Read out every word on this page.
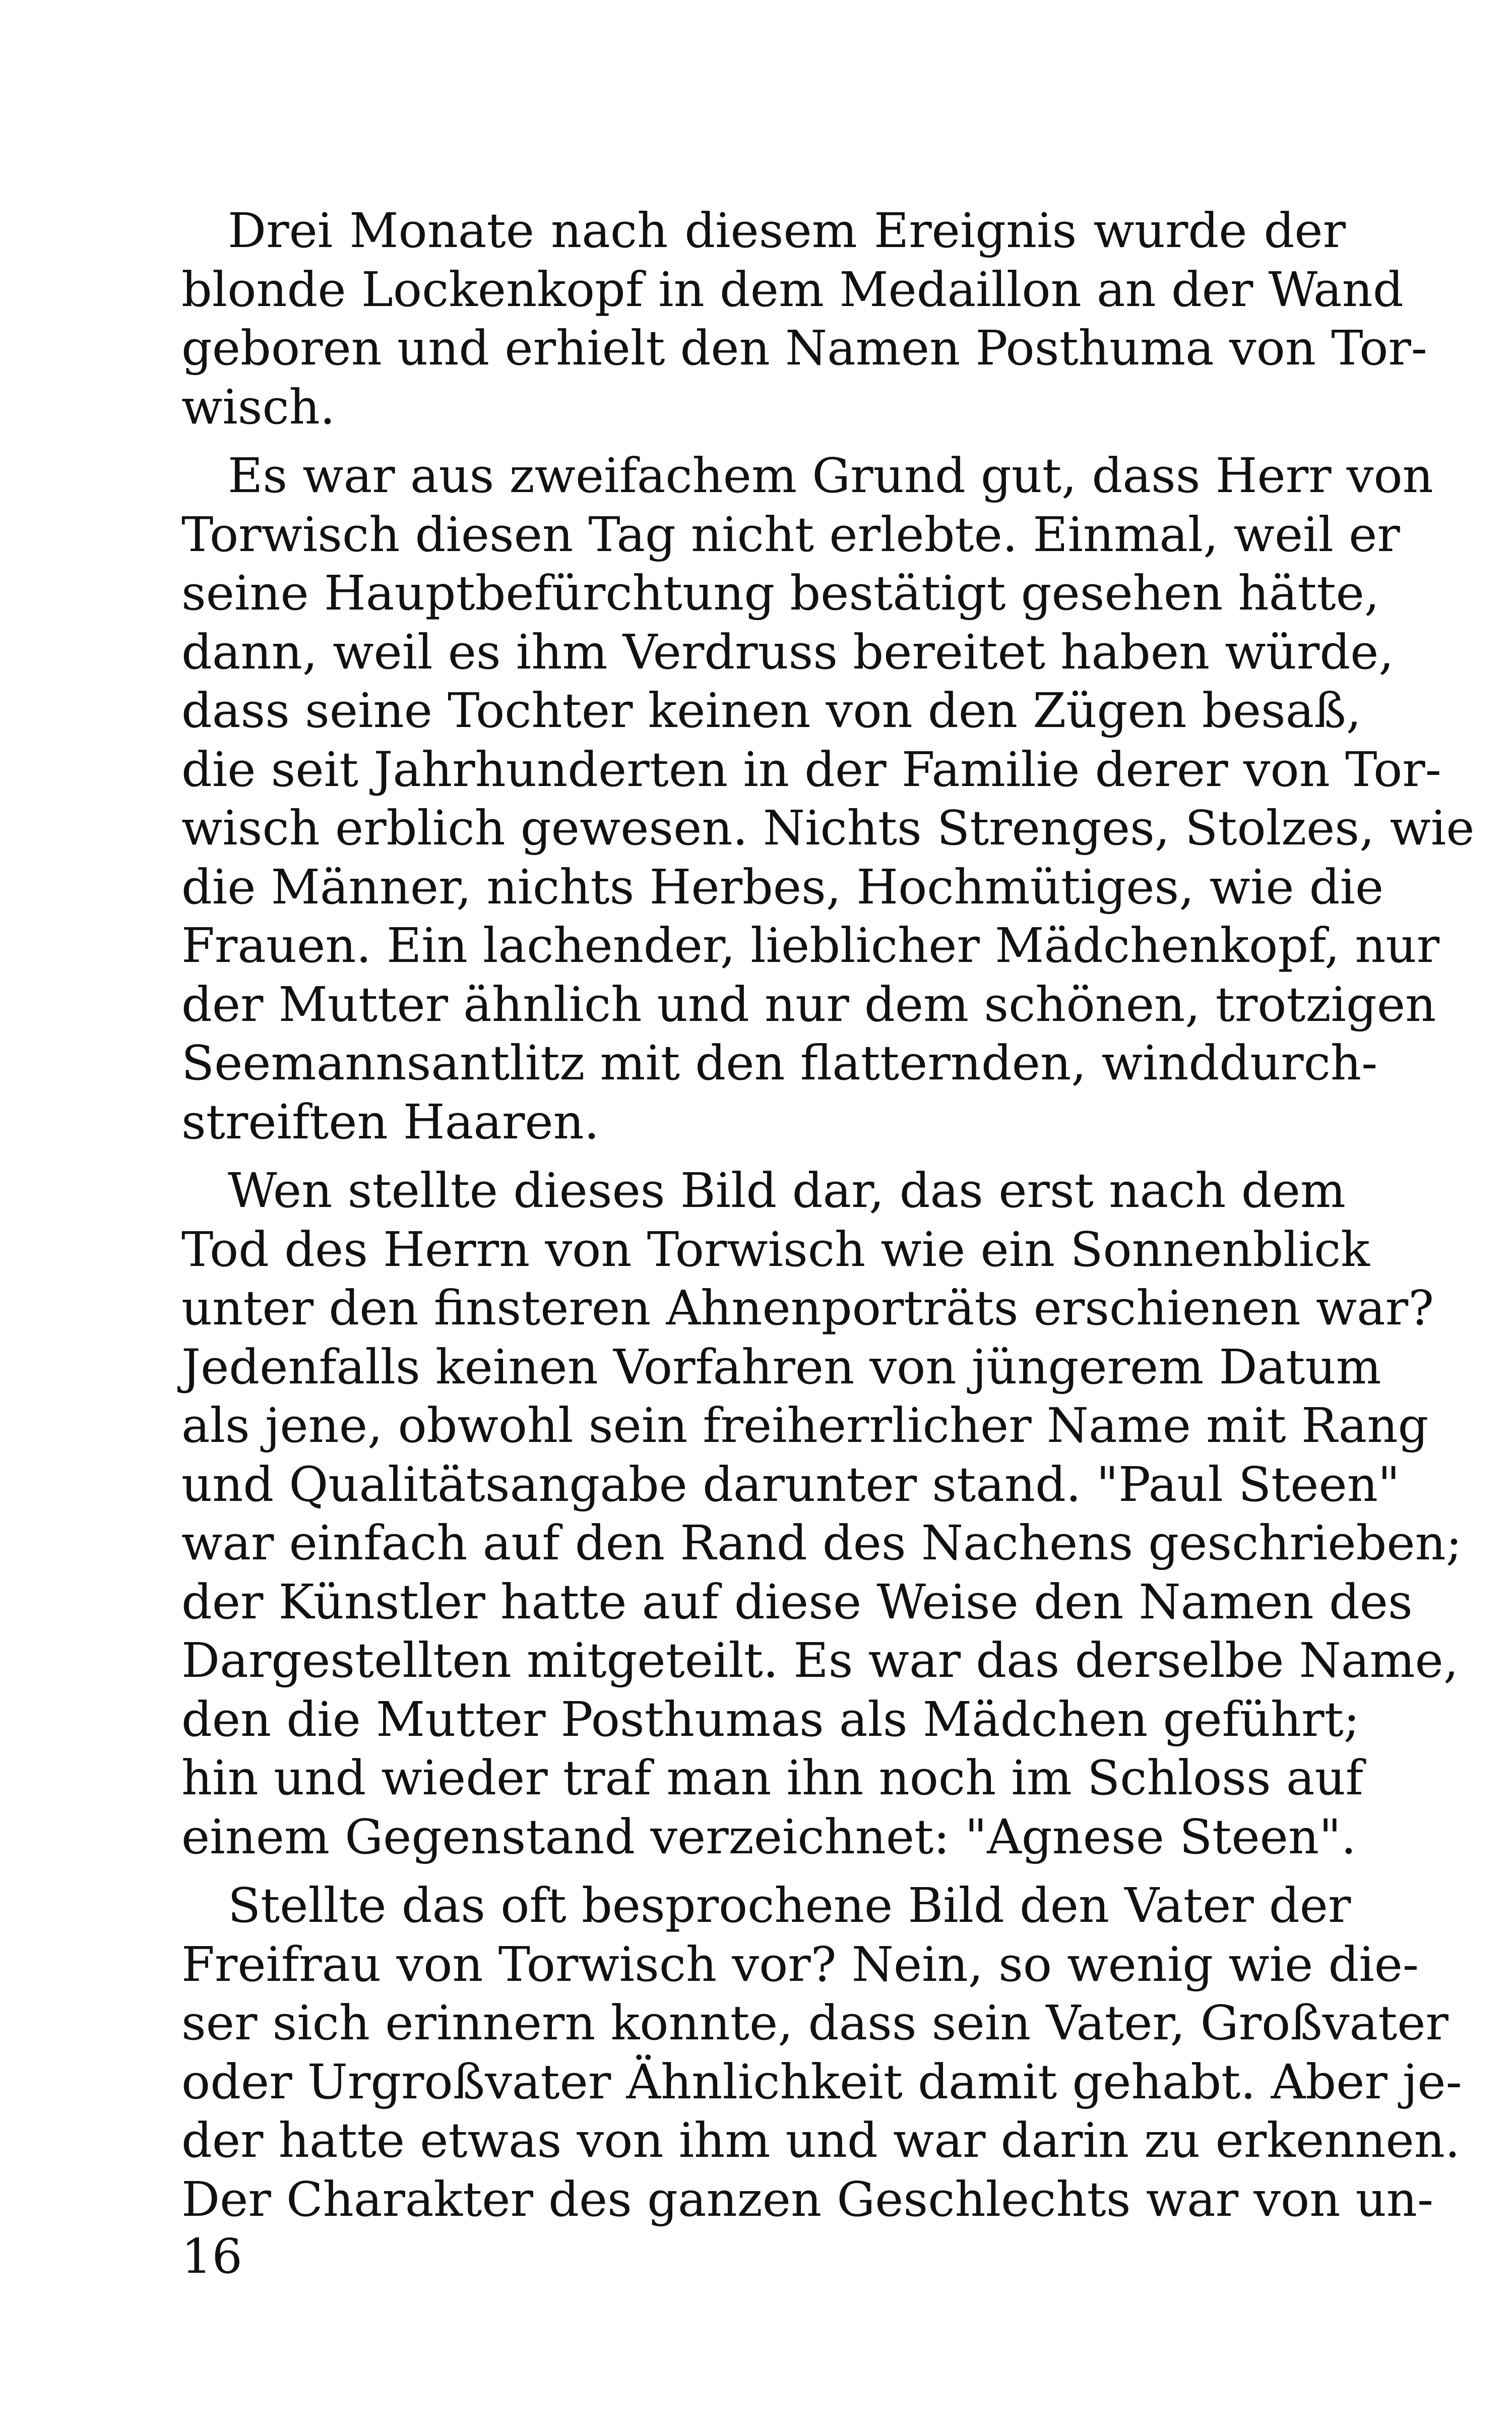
Drei Monate nach diesem Ereignis wurde der
blonde Lockenkopf in dem Medaillon an der Wand
geboren und erhielt den Namen Posthuma von Tor-
wisch.
Es war aus zweifachem Grund gut, dass Herr von
Torwisch diesen Tag nicht erlebte. Einmal, weil er
seine Hauptbefürchtung bestätigt gesehen hätte,
dann, weil es ihm Verdruss bereitet haben würde,
dass seine Tochter keinen von den Zügen besaß,
die seit Jahrhunderten in der Familie derer von Tor-
wisch erblich gewesen. Nichts Strenges, Stolzes, wie
die Männer, nichts Herbes, Hochmütiges, wie die
Frauen. Ein lachender, lieblicher Mädchenkopf, nur
der Mutter ähnlich und nur dem schönen, trotzigen
Seemannsantlitz mit den flatternden, winddurch-
streiften Haaren.
Wen stellte dieses Bild dar, das erst nach dem
Tod des Herrn von Torwisch wie ein Sonnenblick
unter den finsteren Ahnenporträts erschienen war?
Jedenfalls keinen Vorfahren von jüngerem Datum
als jene, obwohl sein freiherrlicher Name mit Rang
und Qualitätsangabe darunter stand. "Paul Steen"
war einfach auf den Rand des Nachens geschrieben;
der Künstler hatte auf diese Weise den Namen des
Dargestellten mitgeteilt. Es war das derselbe Name,
den die Mutter Posthumas als Mädchen geführt;
hin und wieder traf man ihn noch im Schloss auf
einem Gegenstand verzeichnet: "Agnese Steen".
Stellte das oft besprochene Bild den Vater der
Freifrau von Torwisch vor? Nein, so wenig wie die-
ser sich erinnern konnte, dass sein Vater, Großvater
oder Urgroßvater Ähnlichkeit damit gehabt. Aber je-
der hatte etwas von ihm und war darin zu erkennen.
Der Charakter des ganzen Geschlechts war von un-
16
